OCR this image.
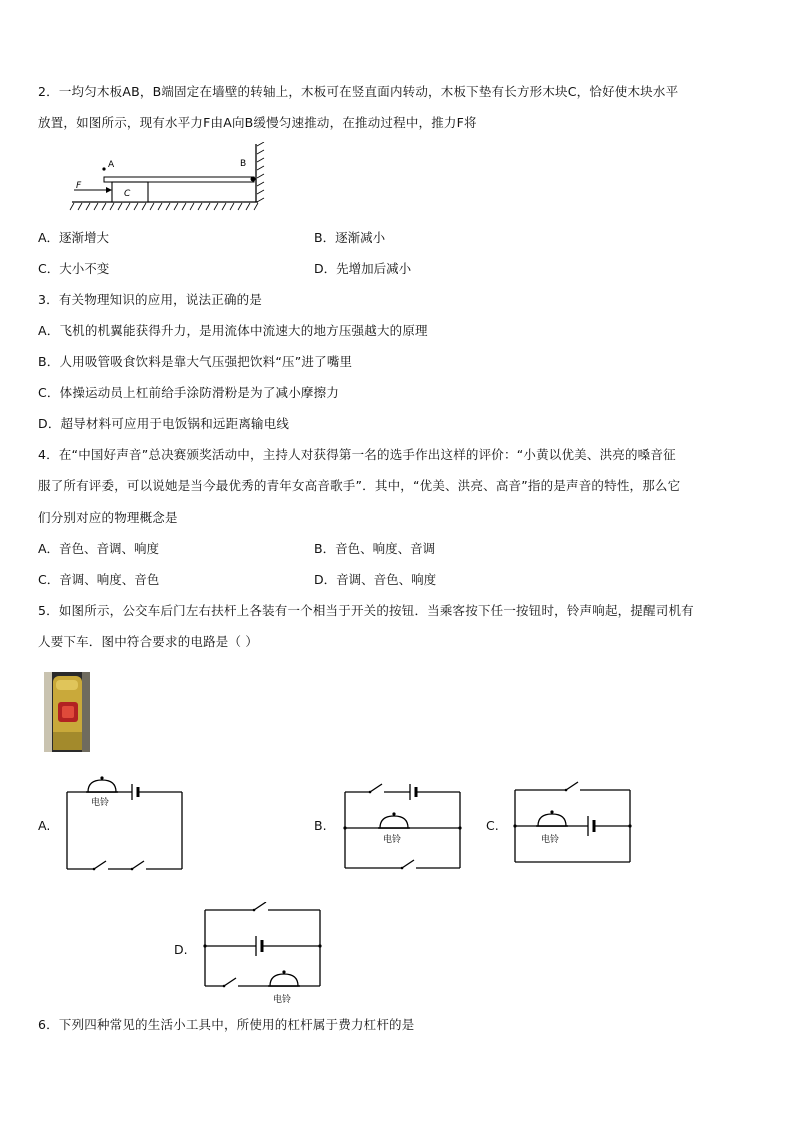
2．一均匀木板AB，B端固定在墙壁的转轴上，木板可在竖直面内转动，木板下垫有长方形木块C，恰好使木块水平
放置，如图所示，现有水平力F由A向B缓慢匀速推动，在推动过程中，推力F将
A	B
F
C
A．逐渐增大	B．逐渐减小
C．大小不变	D．先增加后减小
3．有关物理知识的应用，说法正确的是
A．飞机的机翼能获得升力，是用流体中流速大的地方压强越大的原理
B．人用吸管吸食饮料是靠大气压强把饮料“压”进了嘴里
C．体操运动员上杠前给手涂防滑粉是为了减小摩擦力
D．超导材料可应用于电饭锅和远距离输电线
4．在“中国好声音”总决赛颁奖活动中，主持人对获得第一名的选手作出这样的评价：“小黄以优美、洪亮的嗓音征
服了所有评委，可以说她是当今最优秀的青年女高音歌手”．其中，“优美、洪亮、高音”指的是声音的特性，那么它
们分别对应的物理概念是
A．音色、音调、响度	B．音色、响度、音调
C．音调、响度、音色	D．音调、音色、响度
5．如图所示，公交车后门左右扶杆上各装有一个相当于开关的按钮．当乘客按下任一按钮时，铃声响起，提醒司机有
人要下车．图中符合要求的电路是（ ）
A.
电铃
B.
电铃
C.
电铃
D.
电铃
6．下列四种常见的生活小工具中，所使用的杠杆属于费力杠杆的是
